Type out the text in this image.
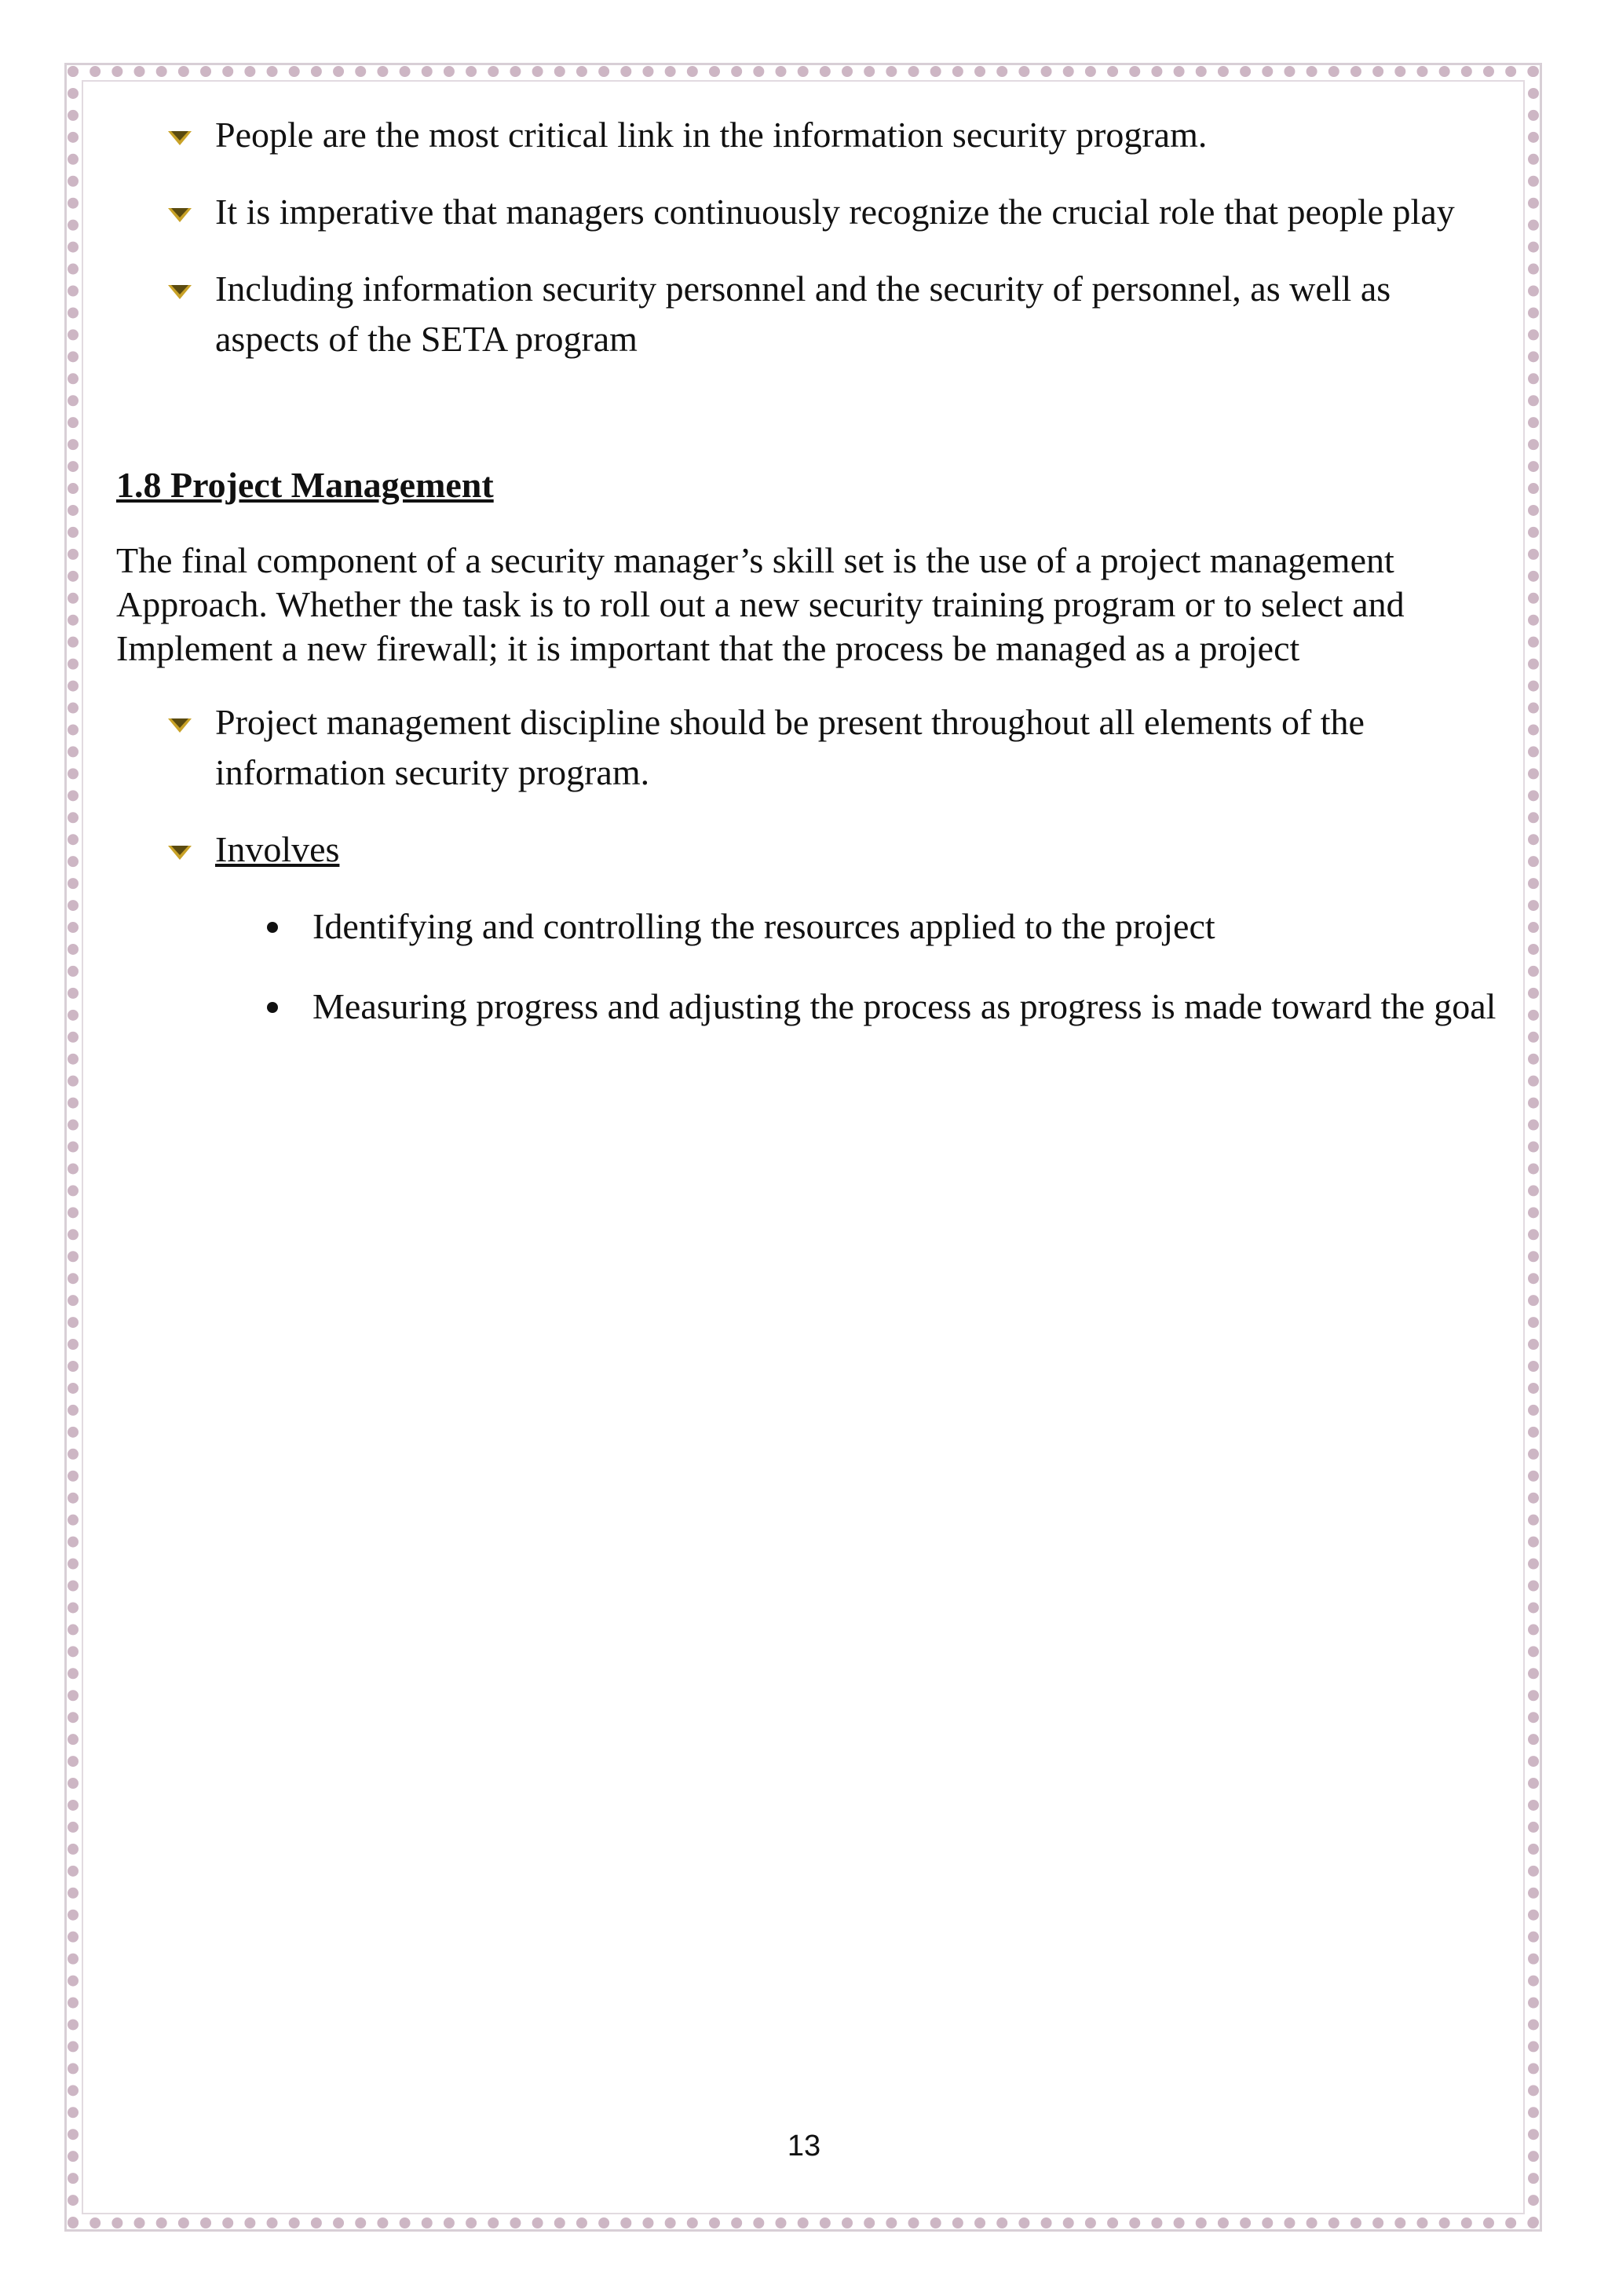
People are the most critical link in the information security program.
It is imperative that managers continuously recognize the crucial role that people play
Including information security personnel and the security of personnel, as well as aspects of the SETA program
1.8 Project Management
The final component of a security manager’s skill set is the use of a project management Approach. Whether the task is to roll out a new security training program or to select and Implement a new firewall; it is important that the process be managed as a project
Project management discipline should be present throughout all elements of the information security program.
Involves
Identifying and controlling the resources applied to the project
Measuring progress and adjusting the process as progress is made toward the goal
13
